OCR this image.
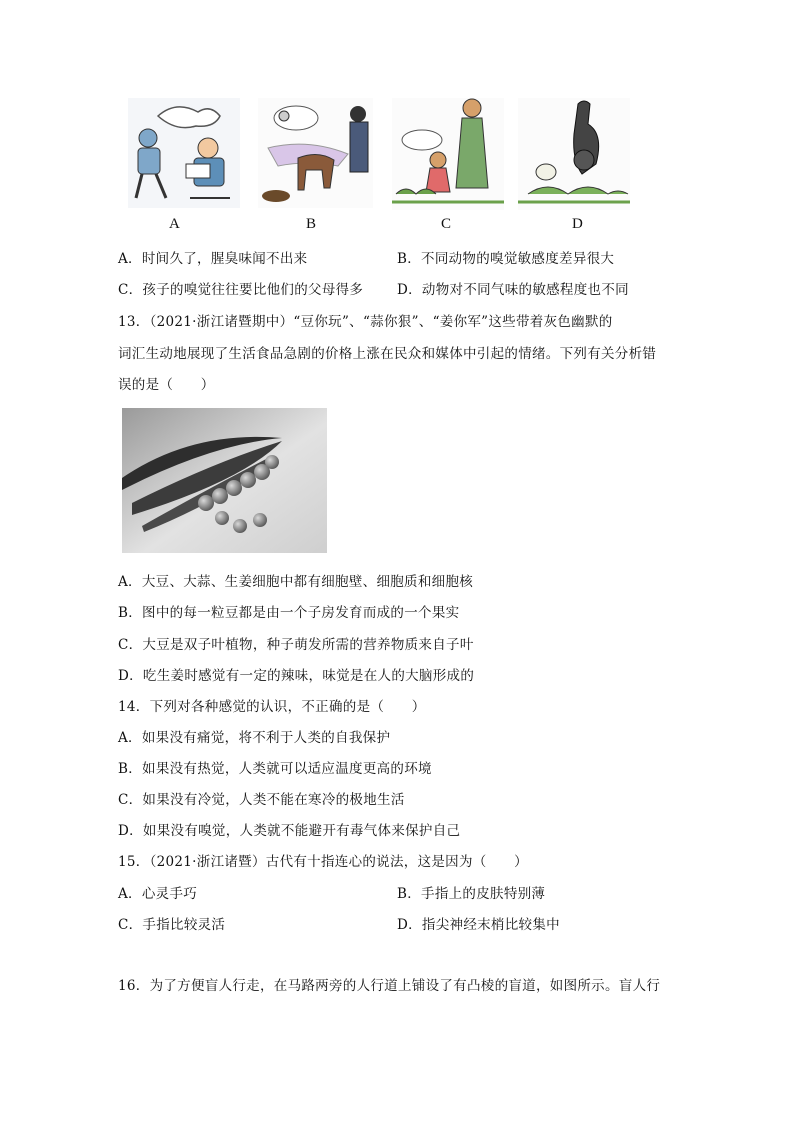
A	B	C	D
A．时间久了，腥臭味闻不出来	B．不同动物的嗅觉敏感度差异很大
C．孩子的嗅觉往往要比他们的父母得多	D．动物对不同气味的敏感程度也不同
13．（2021·浙江诸暨期中）“豆你玩”、“蒜你狠”、“姜你军”这些带着灰色幽默的
词汇生动地展现了生活食品急剧的价格上涨在民众和媒体中引起的情绪。下列有关分析错
误的是（　　）
A．大豆、大蒜、生姜细胞中都有细胞壁、细胞质和细胞核
B．图中的每一粒豆都是由一个子房发育而成的一个果实
C．大豆是双子叶植物，种子萌发所需的营养物质来自子叶
D．吃生姜时感觉有一定的辣味，味觉是在人的大脑形成的
14．下列对各种感觉的认识，不正确的是（　　）
A．如果没有痛觉，将不利于人类的自我保护
B．如果没有热觉，人类就可以适应温度更高的环境
C．如果没有冷觉，人类不能在寒冷的极地生活
D．如果没有嗅觉，人类就不能避开有毒气体来保护自己
15．（2021·浙江诸暨）古代有十指连心的说法，这是因为（　　）
A．心灵手巧	B．手指上的皮肤特别薄
C．手指比较灵活	D．指尖神经末梢比较集中
16．为了方便盲人行走，在马路两旁的人行道上铺设了有凸棱的盲道，如图所示。盲人行
